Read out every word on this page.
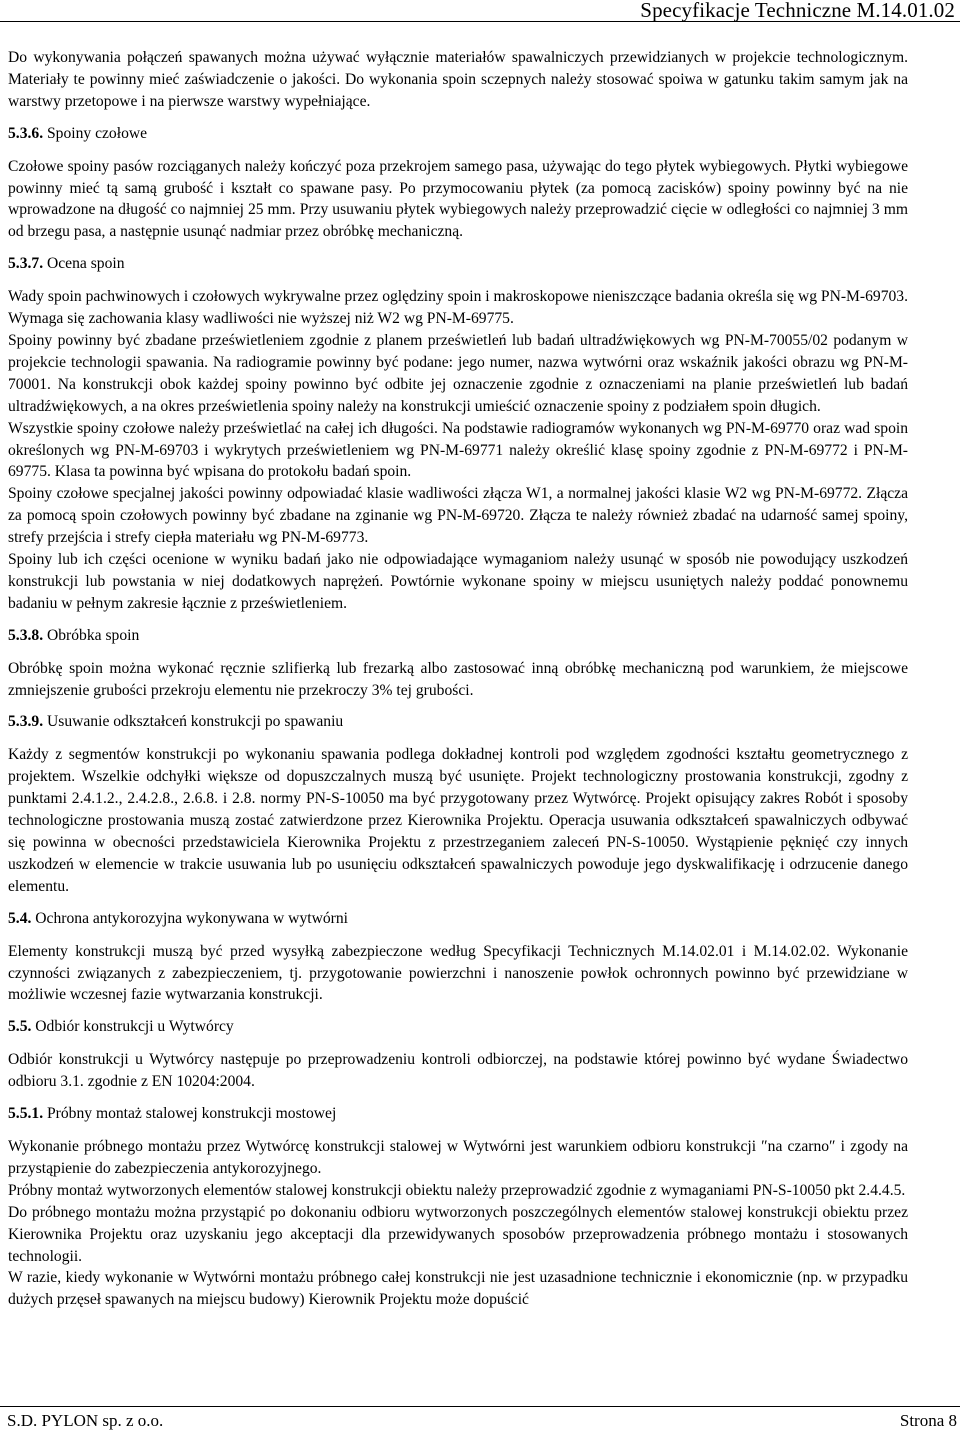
Specyfikacje Techniczne M.14.01.02

Do wykonywania połączeń spawanych można używać wyłącznie materiałów spawalniczych przewidzianych w projekcie technologicznym. Materiały te powinny mieć zaświadczenie o jakości. Do wykonania spoin sczepnych należy stosować spoiwa w gatunku takim samym jak na warstwy przetopowe i na pierwsze warstwy wypełniające.

5.3.6. Spoiny czołowe

Czołowe spoiny pasów rozciąganych należy kończyć poza przekrojem samego pasa, używając do tego płytek wybiegowych. Płytki wybiegowe powinny mieć tą samą grubość i kształt co spawane pasy. Po przymocowaniu płytek (za pomocą zacisków) spoiny powinny być na nie wprowadzone na długość co najmniej 25 mm. Przy usuwaniu płytek wybiegowych należy przeprowadzić cięcie w odległości co najmniej 3 mm od brzegu pasa, a następnie usunąć nadmiar przez obróbkę mechaniczną.

5.3.7. Ocena spoin

Wady spoin pachwinowych i czołowych wykrywalne przez oględziny spoin i makroskopowe nieniszczące badania określa się wg PN-M-69703. Wymaga się zachowania klasy wadliwości nie wyższej niż W2 wg PN-M-69775.

Spoiny powinny być zbadane prześwietleniem zgodnie z planem prześwietleń lub badań ultradźwiękowych wg PN-M-70055/02 podanym w projekcie technologii spawania. Na radiogramie powinny być podane: jego numer, nazwa wytwórni oraz wskaźnik jakości obrazu wg PN-M-70001. Na konstrukcji obok każdej spoiny powinno być odbite jej oznaczenie zgodnie z oznaczeniami na planie prześwietleń lub badań ultradźwiękowych, a na okres prześwietlenia spoiny należy na konstrukcji umieścić oznaczenie spoiny z podziałem spoin długich.

Wszystkie spoiny czołowe należy prześwietlać na całej ich długości. Na podstawie radiogramów wykonanych wg PN-M-69770 oraz wad spoin określonych wg PN-M-69703 i wykrytych prześwietleniem wg PN-M-69771 należy określić klasę spoiny zgodnie z PN-M-69772 i PN-M-69775. Klasa ta powinna być wpisana do protokołu badań spoin.

Spoiny czołowe specjalnej jakości powinny odpowiadać klasie wadliwości złącza W1, a normalnej jakości klasie W2 wg PN-M-69772. Złącza za pomocą spoin czołowych powinny być zbadane na zginanie wg PN-M-69720. Złącza te należy również zbadać na udarność samej spoiny, strefy przejścia i strefy ciepła materiału wg PN-M-69773.

Spoiny lub ich części ocenione w wyniku badań jako nie odpowiadające wymaganiom należy usunąć w sposób nie powodujący uszkodzeń konstrukcji lub powstania w niej dodatkowych naprężeń. Powtórnie wykonane spoiny w miejscu usuniętych należy poddać ponownemu badaniu w pełnym zakresie łącznie z prześwietleniem.

5.3.8. Obróbka spoin

Obróbkę spoin można wykonać ręcznie szlifierką lub frezarką albo zastosować inną obróbkę mechaniczną pod warunkiem, że miejscowe zmniejszenie grubości przekroju elementu nie przekroczy 3% tej grubości.

5.3.9. Usuwanie odkształceń konstrukcji po spawaniu

Każdy z segmentów konstrukcji po wykonaniu spawania podlega dokładnej kontroli pod względem zgodności kształtu geometrycznego z projektem. Wszelkie odchyłki większe od dopuszczalnych muszą być usunięte. Projekt technologiczny prostowania konstrukcji, zgodny z punktami 2.4.1.2., 2.4.2.8., 2.6.8. i 2.8. normy PN-S-10050 ma być przygotowany przez Wytwórcę. Projekt opisujący zakres Robót i sposoby technologiczne prostowania muszą zostać zatwierdzone przez Kierownika Projektu. Operacja usuwania odkształceń spawalniczych odbywać się powinna w obecności przedstawiciela Kierownika Projektu z przestrzeganiem zaleceń PN-S-10050. Wystąpienie pęknięć czy innych uszkodzeń w elemencie w trakcie usuwania lub po usunięciu odkształceń spawalniczych powoduje jego dyskwalifikację i odrzucenie danego elementu.

5.4. Ochrona antykorozyjna wykonywana w wytwórni

Elementy konstrukcji muszą być przed wysyłką zabezpieczone według Specyfikacji Technicznych M.14.02.01 i M.14.02.02. Wykonanie czynności związanych z zabezpieczeniem, tj. przygotowanie powierzchni i nanoszenie powłok ochronnych powinno być przewidziane w możliwie wczesnej fazie wytwarzania konstrukcji.

5.5. Odbiór konstrukcji u Wytwórcy

Odbiór konstrukcji u Wytwórcy następuje po przeprowadzeniu kontroli odbiorczej, na podstawie której powinno być wydane Świadectwo odbioru 3.1. zgodnie z EN 10204:2004.

5.5.1. Próbny montaż stalowej konstrukcji mostowej

Wykonanie próbnego montażu przez Wytwórcę konstrukcji stalowej w Wytwórni jest warunkiem odbioru konstrukcji ″na czarno″ i zgody na przystąpienie do zabezpieczenia antykorozyjnego.

Próbny montaż wytworzonych elementów stalowej konstrukcji obiektu należy przeprowadzić zgodnie z wymaganiami PN-S-10050 pkt 2.4.4.5.

Do próbnego montażu można przystąpić po dokonaniu odbioru wytworzonych poszczególnych elementów stalowej konstrukcji obiektu przez Kierownika Projektu oraz uzyskaniu jego akceptacji dla przewidywanych sposobów przeprowadzenia próbnego montażu i stosowanych technologii.

W razie, kiedy wykonanie w Wytwórni montażu próbnego całej konstrukcji nie jest uzasadnione technicznie i ekonomicznie (np. w przypadku dużych przęseł spawanych na miejscu budowy) Kierownik Projektu może dopuścić

S.D. PYLON sp. z o.o.	Strona 8
